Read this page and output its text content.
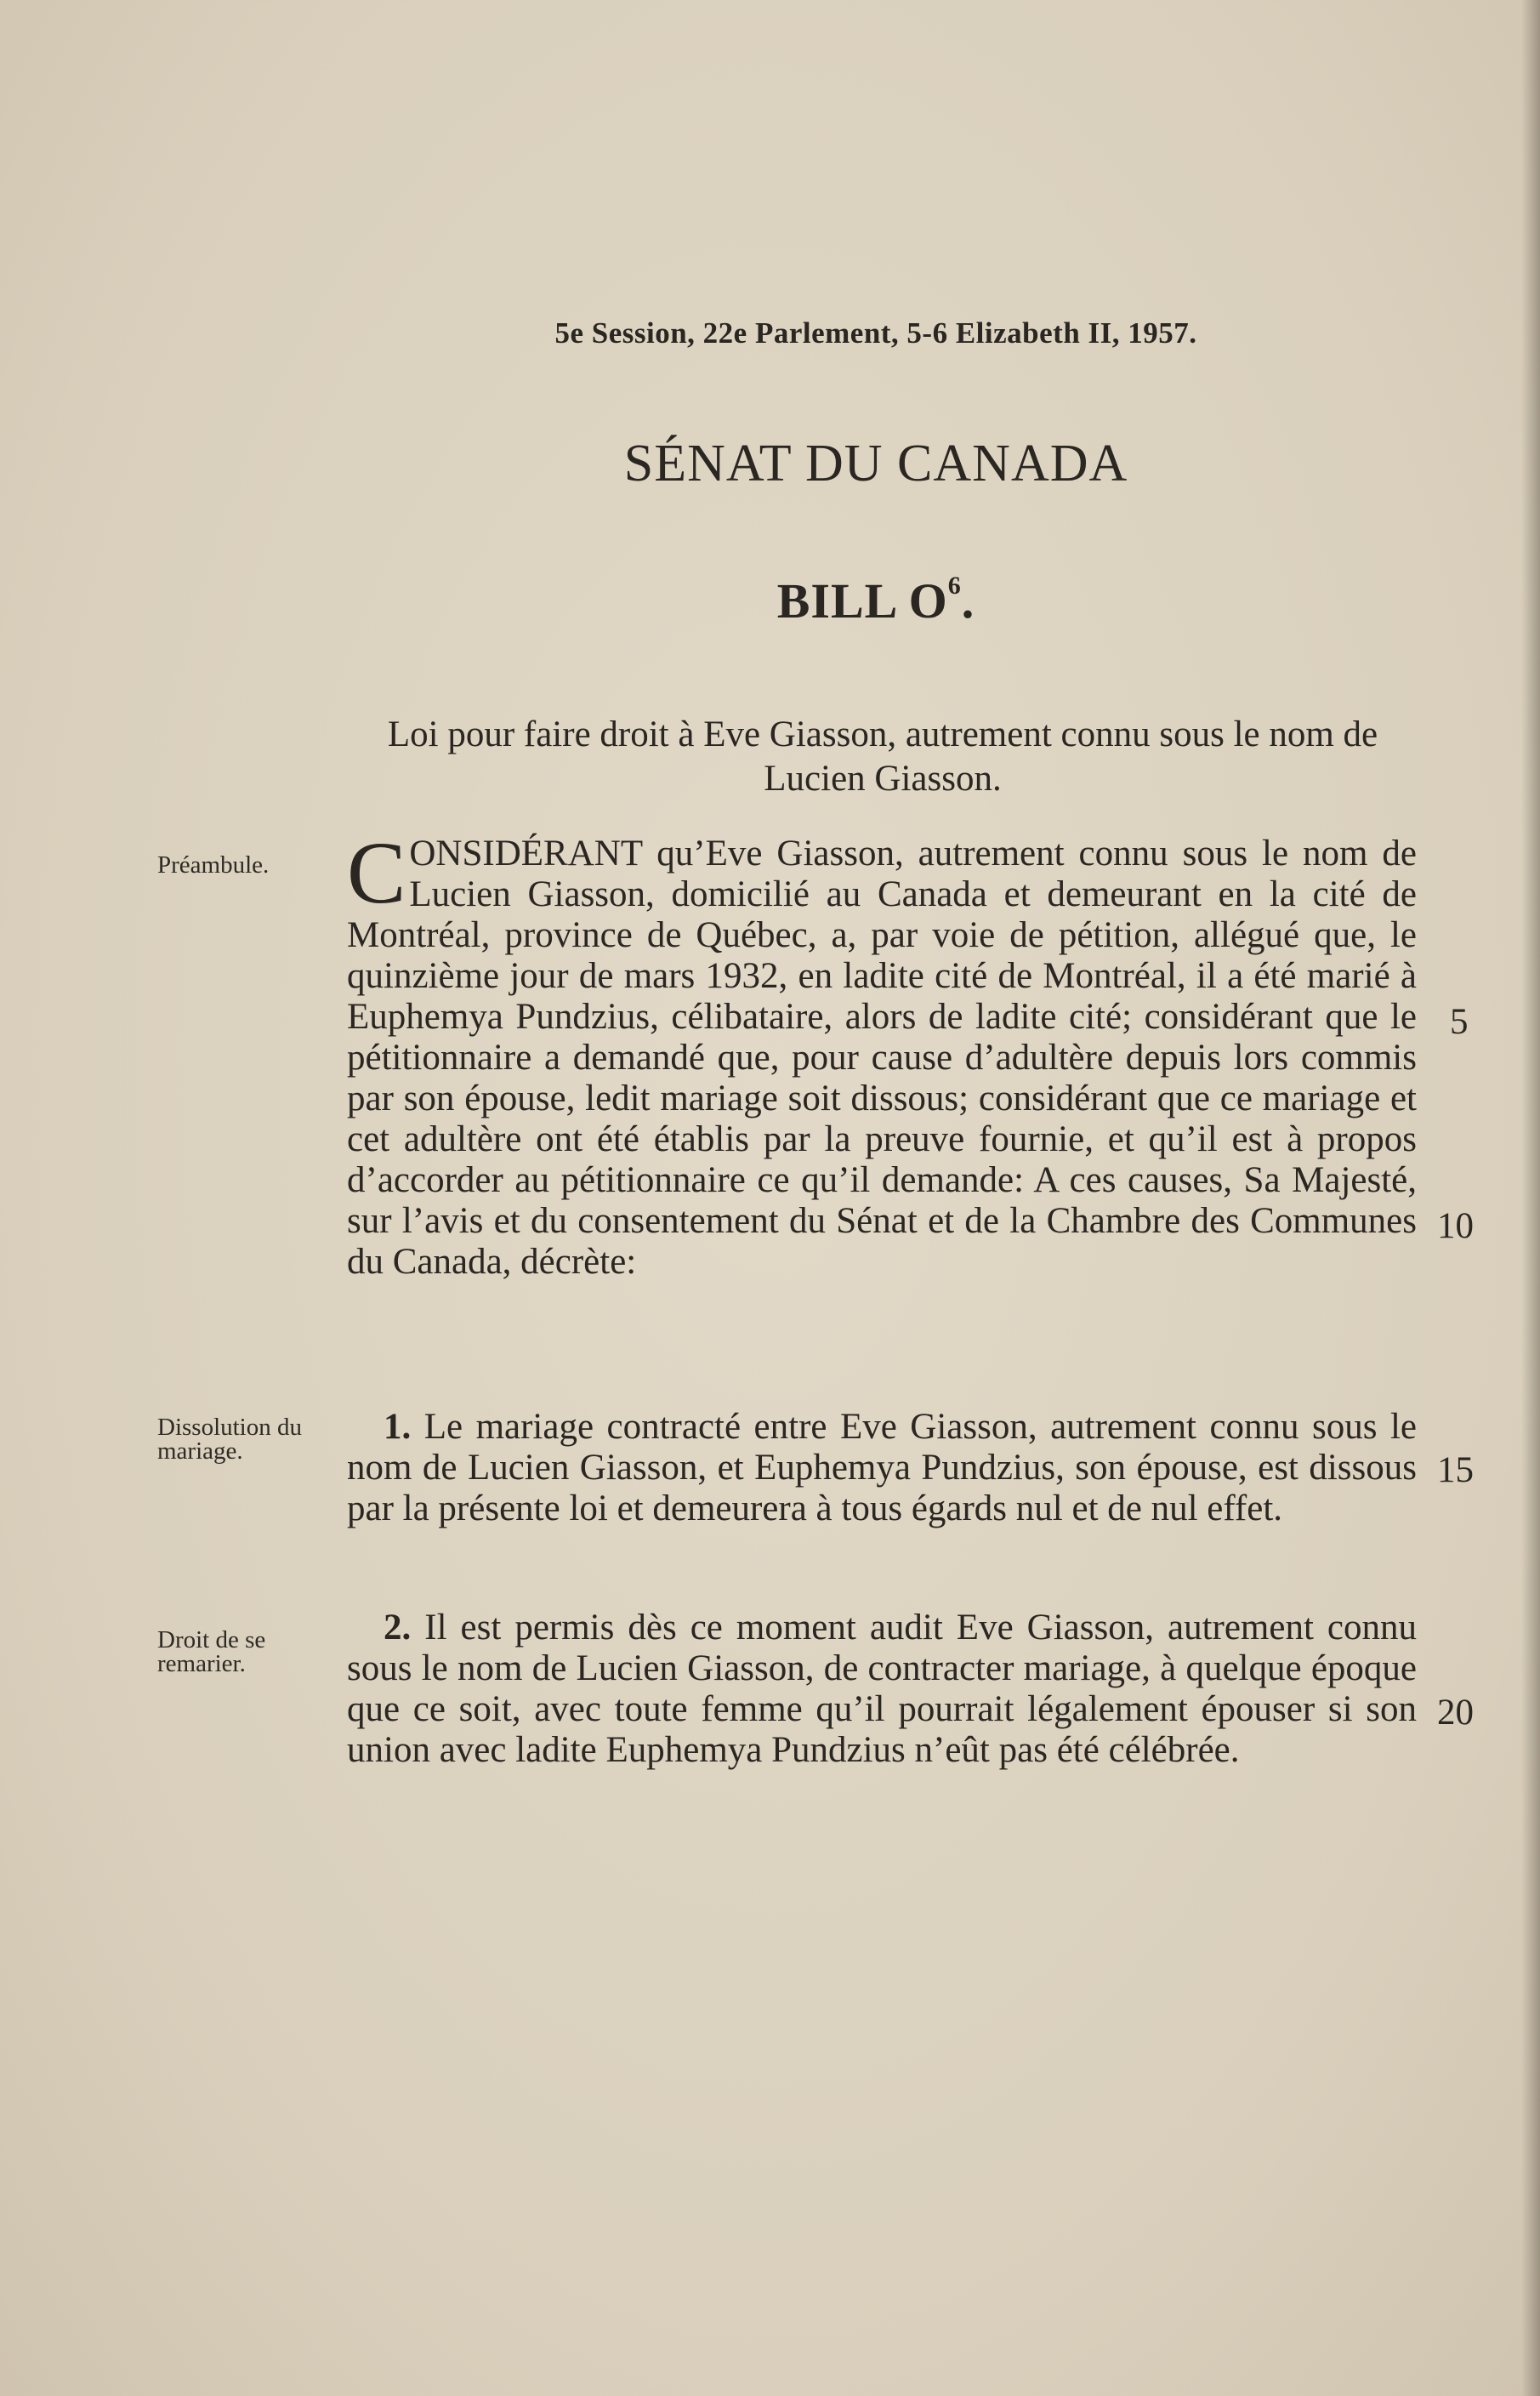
5e Session, 22e Parlement, 5-6 Elizabeth II, 1957.
SÉNAT DU CANADA
BILL $O^6$.
Loi pour faire droit à Eve Giasson, autrement connu sous le nom de Lucien Giasson.
Préambule. CONSIDÉRANT qu’Eve Giasson, autrement connu sous le nom de Lucien Giasson, domicilié au Canada et demeurant en la cité de Montréal, province de Québec, a, par voie de pétition, allégué que, le quinzième jour de mars 1932, en ladite cité de Montréal, il a été marié à Euphemya Pundzius, célibataire, alors de ladite cité; considérant que le pétitionnaire a demandé que, pour cause d’adultère depuis lors commis par son épouse, ledit mariage soit dissous; considérant que ce mariage et cet adultère ont été établis par la preuve fournie, et qu’il est à propos d’accorder au pétitionnaire ce qu’il demande: A ces causes, Sa Majesté, sur l’avis et du consentement du Sénat et de la Chambre des Communes du Canada, décrète:

Dissolution du mariage.

 1. Le mariage contracté entre Eve Giasson, autrement connu sous le nom de Lucien Giasson, et Euphemya Pundzius, son épouse, est dissous par la présente loi et demeurera à tous égards nul et de nul effet.

Droit de se remarier.

 2. Il est permis dès ce moment audit Eve Giasson, autrement connu sous le nom de Lucien Giasson, de contracter mariage, à quelque époque que ce soit, avec toute femme qu’il pourrait légalement épouser si son union avec ladite Euphemya Pundzius n’eût pas été célébrée.

5
10
15
20
